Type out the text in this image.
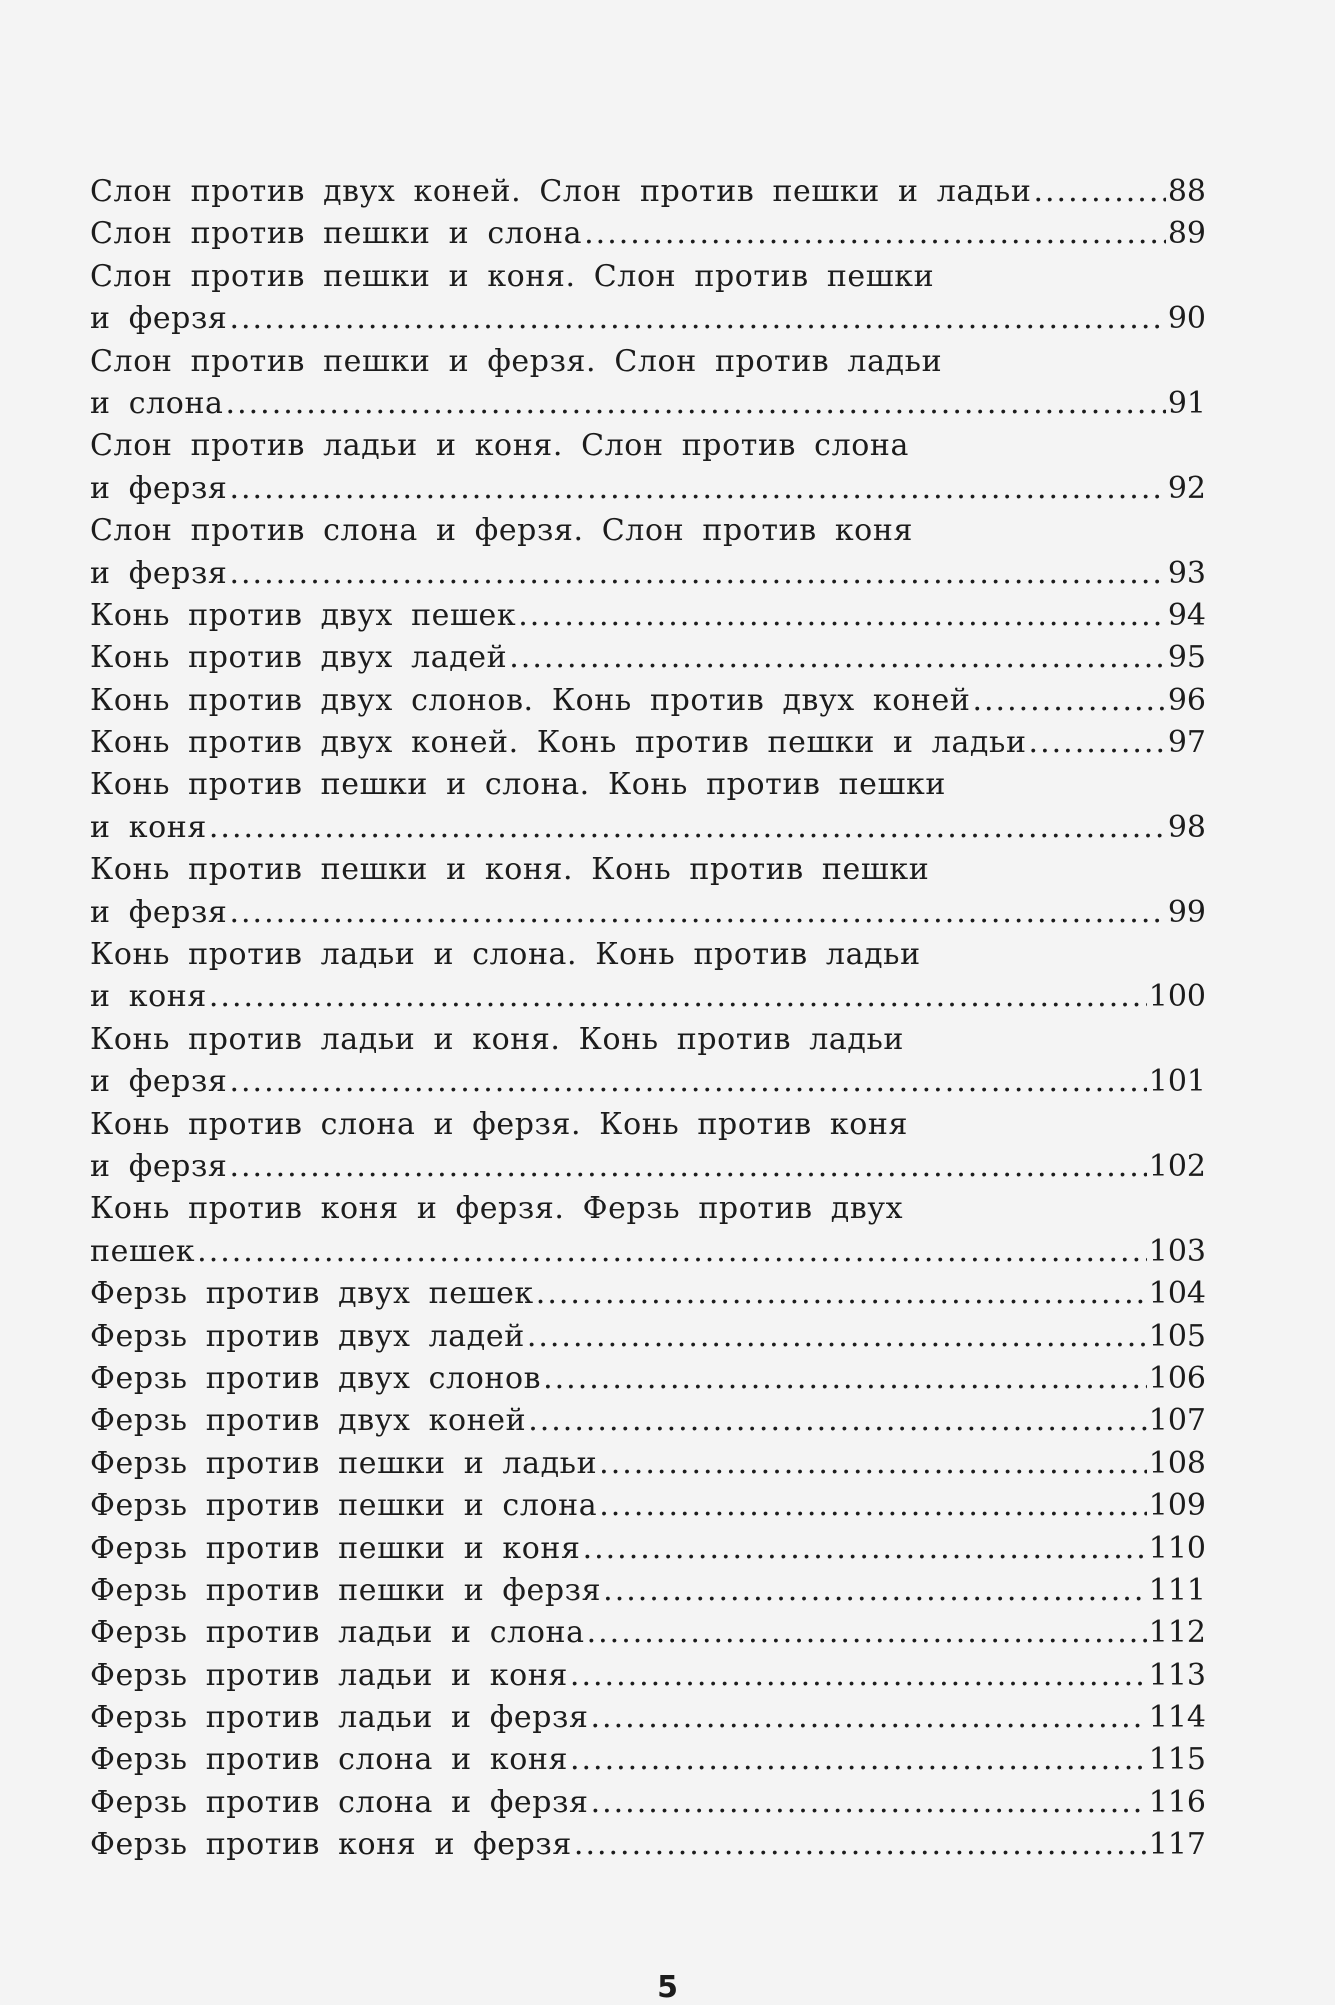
Слон против двух коней. Слон против пешки и ладьи .....	88
Слон против пешки и слона .....	89
Слон против пешки и коня. Слон против пешки
и ферзя .....	90
Слон против пешки и ферзя. Слон против ладьи
и слона .....	91
Слон против ладьи и коня. Слон против слона
и ферзя .....	92
Слон против слона и ферзя. Слон против коня
и ферзя .....	93
Конь против двух пешек .....	94
Конь против двух ладей .....	95
Конь против двух слонов. Конь против двух коней .....	96
Конь против двух коней. Конь против пешки и ладьи .....	97
Конь против пешки и слона. Конь против пешки
и коня .....	98
Конь против пешки и коня. Конь против пешки
и ферзя .....	99
Конь против ладьи и слона. Конь против ладьи
и коня .....	100
Конь против ладьи и коня. Конь против ладьи
и ферзя .....	101
Конь против слона и ферзя. Конь против коня
и ферзя .....	102
Конь против коня и ферзя. Ферзь против двух
пешек .....	103
Ферзь против двух пешек .....	104
Ферзь против двух ладей .....	105
Ферзь против двух слонов .....	106
Ферзь против двух коней .....	107
Ферзь против пешки и ладьи .....	108
Ферзь против пешки и слона .....	109
Ферзь против пешки и коня .....	110
Ферзь против пешки и ферзя .....	111
Ферзь против ладьи и слона .....	112
Ферзь против ладьи и коня .....	113
Ферзь против ладьи и ферзя .....	114
Ферзь против слона и коня .....	115
Ферзь против слона и ферзя .....	116
Ферзь против коня и ферзя .....	117
5
